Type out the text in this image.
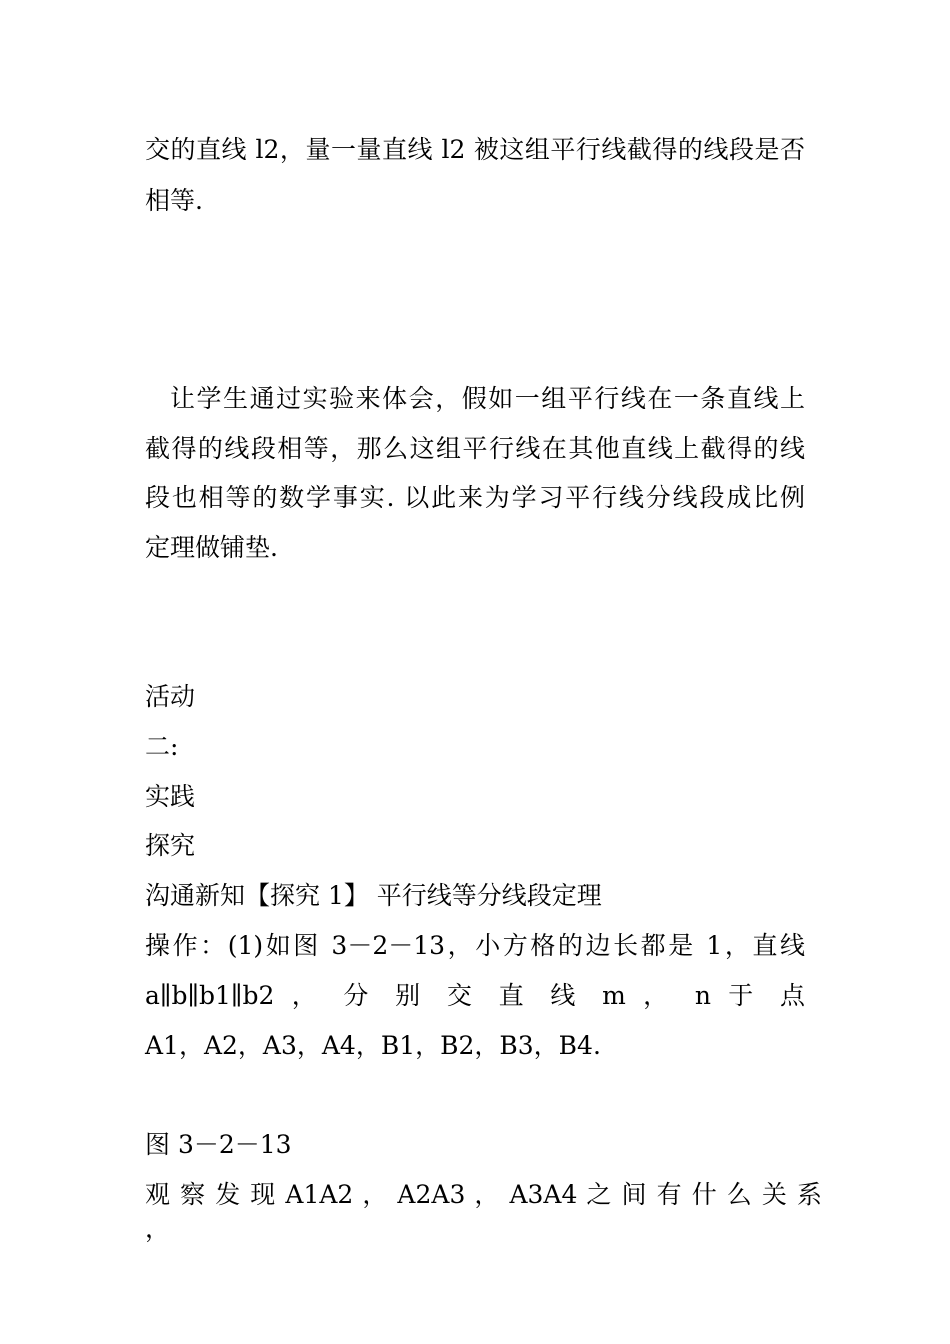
交的直线 l2，量一量直线 l2 被这组平行线截得的线段是否

相等.

让学生通过实验来体会，假如一组平行线在一条直线上

截得的线段相等，那么这组平行线在其他直线上截得的线

段也相等的数学事实. 以此来为学习平行线分线段成比例

定理做铺垫.

活动

二:

实践

探究

沟通新知【探究 1】 平行线等分线段定理

操作：(1)如图 3－2－13，小方格的边长都是 1，直线

a∥b∥b1∥b2 ， 分 别 交 直 线 m ， n 于 点

A1，A2，A3，A4，B1，B2，B3，B4.

图 3－2－13

观 察 发 现 A1A2 ， A2A3 ， A3A4 之 间 有 什 么 关 系 ，
